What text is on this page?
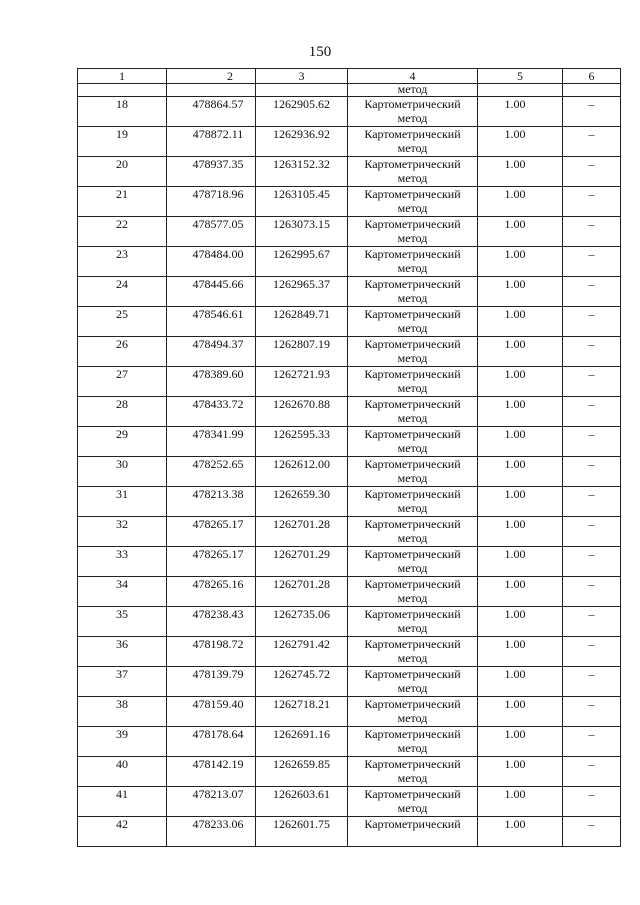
150
1	2	3	4	5	6
			метод		
18	478864.57	1262905.62	Картометрический метод	1.00	–
19	478872.11	1262936.92	Картометрический метод	1.00	–
20	478937.35	1263152.32	Картометрический метод	1.00	–
21	478718.96	1263105.45	Картометрический метод	1.00	–
22	478577.05	1263073.15	Картометрический метод	1.00	–
23	478484.00	1262995.67	Картометрический метод	1.00	–
24	478445.66	1262965.37	Картометрический метод	1.00	–
25	478546.61	1262849.71	Картометрический метод	1.00	–
26	478494.37	1262807.19	Картометрический метод	1.00	–
27	478389.60	1262721.93	Картометрический метод	1.00	–
28	478433.72	1262670.88	Картометрический метод	1.00	–
29	478341.99	1262595.33	Картометрический метод	1.00	–
30	478252.65	1262612.00	Картометрический метод	1.00	–
31	478213.38	1262659.30	Картометрический метод	1.00	–
32	478265.17	1262701.28	Картометрический метод	1.00	–
33	478265.17	1262701.29	Картометрический метод	1.00	–
34	478265.16	1262701.28	Картометрический метод	1.00	–
35	478238.43	1262735.06	Картометрический метод	1.00	–
36	478198.72	1262791.42	Картометрический метод	1.00	–
37	478139.79	1262745.72	Картометрический метод	1.00	–
38	478159.40	1262718.21	Картометрический метод	1.00	–
39	478178.64	1262691.16	Картометрический метод	1.00	–
40	478142.19	1262659.85	Картометрический метод	1.00	–
41	478213.07	1262603.61	Картометрический метод	1.00	–
42	478233.06	1262601.75	Картометрический	1.00	–
